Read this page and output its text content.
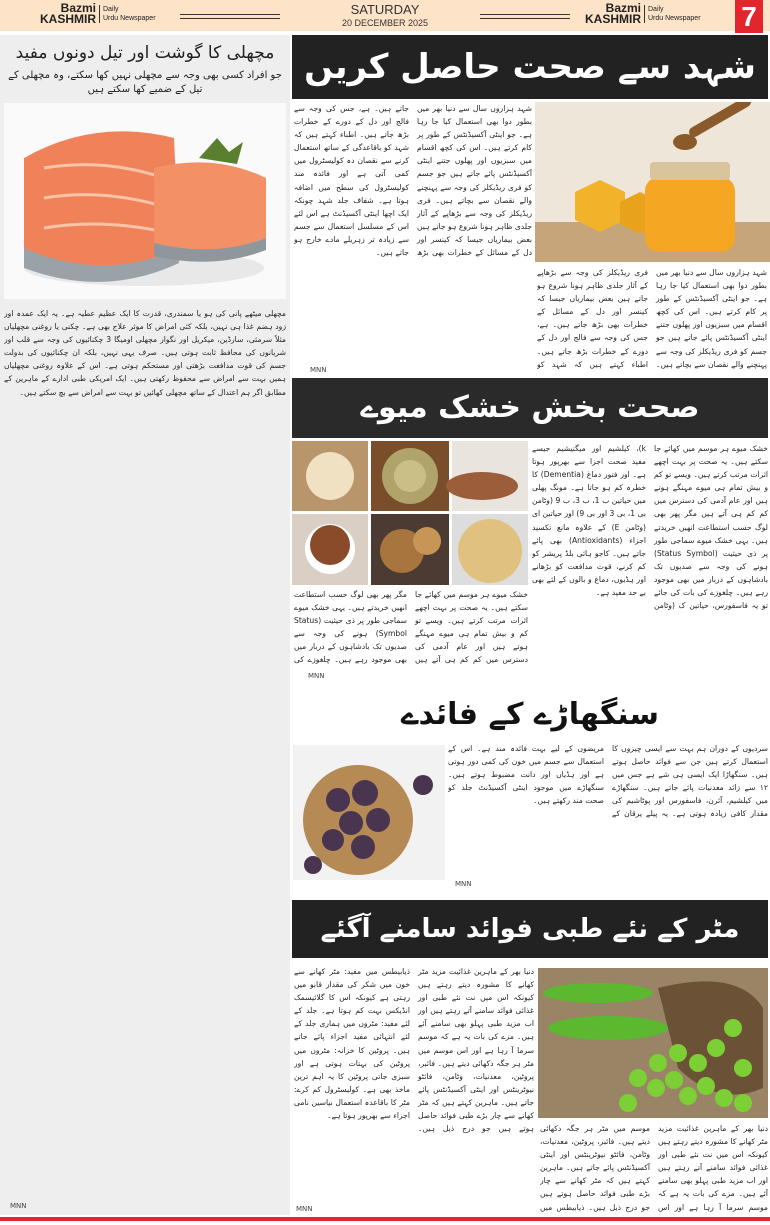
Bazmi
KASHMIR
Daily
Urdu Newspaper
SATURDAY
20 DECEMBER 2025
Bazmi
KASHMIR
Daily
Urdu Newspaper 7
مچھلی کا گوشت اور تیل دونوں مفید
جو افراد کسی بھی وجہ سے مچھلی نہیں کھا سکتے، وہ مچھلی کے تیل کے ضمیے کھا سکتے ہیں
مچھلی میٹھے پانی کی ہو یا سمندری، قدرت کا ایک عظیم عطیہ ہے۔ یہ ایک عمدہ اور زود ہضم غذا ہی نہیں، بلکہ کئی امراض کا موثر علاج بھی ہے۔ چکنی یا روغنی مچھلیاں مثلاً سرمئی، سارڈین، میکریل اور نگوار مچھلی اومیگا 3 چکنائیوں کی وجہ سے قلب اور شریانوں کی محافظ ثابت ہوتی ہیں۔ صرف یہی نہیں، بلکہ ان چکنائیوں کی بدولت جسم کی قوت مدافعت بڑھتی اور مستحکم ہوتی ہے۔ اس کے علاوہ روغنی مچھلیاں ہمیں بہت سے امراض سے محفوظ رکھتی ہیں۔ ایک امریکی طبی ادارے کے ماہرین کے مطابق اگر ہم اعتدال کے ساتھ مچھلی کھائیں تو بہت سے امراض سے بچ سکتے ہیں۔
MNN
شہد سے صحت حاصل کریں
شہد ہزاروں سال سے دنیا بھر میں بطور دوا بھی استعمال کیا جا رہا ہے۔ جو اینٹی آکسیڈنٹس کے طور پر کام کرتے ہیں۔ اس کی کچھ اقسام میں سبزیوں اور پھلوں جتنے اینٹی آکسیڈنٹس پائے جاتے ہیں جو جسم کو فری ریڈیکلز کی وجہ سے پہنچنے والے نقصان سے بچاتے ہیں۔ فری ریڈیکلز کی وجہ سے بڑھاپے کے آثار جلدی ظاہر ہونا شروع ہو جاتے ہیں بعض بیماریاں جیسا کہ کینسر اور دل کے مسائل کے خطرات بھی بڑھ جاتے ہیں۔ ہے، جس کی وجہ سے فالج اور دل کے دورے کے خطرات بڑھ جاتے ہیں۔ اطباء کہتے ہیں کہ شہد کو باقاعدگی کے ساتھ استعمال کرنے سے نقصان دہ کولیسٹرول میں کمی آتی ہے اور فائدہ مند کولیسٹرول کی سطح میں اضافہ ہوتا ہے۔ شفاف جلد شہد چونکہ ایک اچھا اینٹی آکسیڈنٹ ہے اس لئے اس کے مسلسل استعمال سے جسم سے زیادہ تر زہریلے مادے خارج ہو جاتے ہیں۔
شہد ہزاروں سال سے دنیا بھر میں بطور دوا بھی استعمال کیا جا رہا ہے۔ جو اینٹی آکسیڈنٹس کے طور پر کام کرتے ہیں۔ اس کی کچھ اقسام میں سبزیوں اور پھلوں جتنے اینٹی آکسیڈنٹس پائے جاتے ہیں جو جسم کو فری ریڈیکلز کی وجہ سے پہنچنے والے نقصان سے بچاتے ہیں۔ فری ریڈیکلز کی وجہ سے بڑھاپے کے آثار جلدی ظاہر ہونا شروع ہو جاتے ہیں بعض بیماریاں جیسا کہ کینسر اور دل کے مسائل کے خطرات بھی بڑھ جاتے ہیں۔ ہے، جس کی وجہ سے فالج اور دل کے دورے کے خطرات بڑھ جاتے ہیں۔ اطباء کہتے ہیں کہ شہد کو
MNN
صحت بخش خشک میوے
خشک میوے ہر موسم میں کھائے جا سکتے ہیں۔ یہ صحت پر بہت اچھے اثرات مرتب کرتے ہیں۔ ویسے تو کم و بیش تمام ہی میوے مہنگے ہوتے ہیں اور عام آدمی کی دسترس میں کم کم ہی آتے ہیں مگر پھر بھی لوگ حسب استطاعت انھیں خریدتے ہیں۔ یہی خشک میوے سماجی طور پر ذی حیثیت (Status Symbol) ہونے کی وجہ سے صدیوں تک بادشاہوں کے دربار میں بھی موجود رہے ہیں۔ چلغوزے کی
خشک میوے ہر موسم میں کھائے جا سکتے ہیں۔ یہ صحت پر بہت اچھے اثرات مرتب کرتے ہیں۔ ویسے تو کم و بیش تمام ہی میوے مہنگے ہوتے ہیں اور عام آدمی کی دسترس میں کم کم ہی آتے ہیں مگر پھر بھی لوگ حسب استطاعت انھیں خریدتے ہیں۔ یہی خشک میوے سماجی طور پر ذی حیثیت (Status Symbol) ہونے کی وجہ سے صدیوں تک بادشاہوں کے دربار میں بھی موجود رہے ہیں۔ چلغوزے کی بات کی جائے تو یہ فاسفورس، حیاتین ک (وٹامن k)، کیلشیم اور میگنیشیم جیسے مفید صحت اجزا سے بھرپور ہوتا ہے۔ اور فتور دماغ (Dementia) کا خطرہ کم ہو جاتا ہے۔ مونگ پھلی میں حیاتین ب 1، ب 3، ب 9 (وٹامن بی 1، بی 3 اور بی 9) اور حیاتین ای (وٹامن E) کے علاوہ مانع تکسید اجزاء (Antioxidants) بھی پائے جاتے ہیں۔ کاجو ہائی بلڈ پریشر کو کم کرنے، قوت مدافعت کو بڑھانے اور ہڈیوں، دماغ و بالوں کے لئے بھی بے حد مفید ہے۔
MNN
سنگھاڑے کے فائدے
سردیوں کے دوران ہم بہت سے ایسی چیزوں کا استعمال کرتے ہیں جن سے فوائد حاصل ہوتے ہیں۔ سنگھاڑا ایک ایسی ہی شے ہے جس میں ۱۲ سے زائد معدنیات پائے جاتے ہیں۔ سنگھاڑے میں کیلشیم، آئرن، فاسفورس اور پوٹاشیم کی مقدار کافی زیادہ ہوتی ہے۔ یہ پیلے یرقان کے مریضوں کے لیے بہت فائدہ مند ہے۔ اس کے استعمال سے جسم میں خون کی کمی دور ہوتی ہے اور ہڈیاں اور دانت مضبوط ہوتے ہیں۔ سنگھاڑے میں موجود اینٹی آکسیڈنٹ جلد کو صحت مند رکھتے ہیں۔
MNN
مٹر کے نئے طبی فوائد سامنے آگئے
دنیا بھر کے ماہرین غذائیت مزید مٹر کھانے کا مشورہ دیتے رہتے ہیں کیونکہ اس میں نت نئے طبی اور غذائی فوائد سامنے آتے رہتے ہیں اور اب مزید طبی پہلو بھی سامنے آئے ہیں۔ مزے کی بات یہ ہے کہ موسم سرما آ رہا ہے اور اس موسم میں مٹر ہر جگہ دکھائی دیتے ہیں۔ فائبر، پروٹین، معدنیات، وٹامن، فائٹو نیوٹرینٹس اور اینٹی آکسیڈنٹس پائے جاتے ہیں۔ ماہرین کہتے ہیں کہ مٹر کھانے سے چار بڑے طبی فوائد حاصل ہوتے ہیں جو درج ذیل ہیں۔ ذیابیطس میں مفید: مٹر کھانے سے خون میں شکر کی مقدار قابو میں رہتی ہے کیونکہ اس کا گلائیسمک انڈیکس بہت کم ہوتا ہے۔ جلد کے لئے مفید: مٹروں میں ہماری جلد کے لئے انتہائی مفید اجزاء پائے جاتے ہیں۔ پروٹین کا خزانہ: مٹروں میں پروٹین کی بہتات ہوتی ہے اور سبزی جاتی پروٹین کا یہ اہم ترین ماخذ بھی ہے۔ کولیسٹرول کم کرے: مٹر کا باقاعدہ استعمال نیاسین نامی اجزاء سے بھرپور ہوتا ہے۔
دنیا بھر کے ماہرین غذائیت مزید مٹر کھانے کا مشورہ دیتے رہتے ہیں کیونکہ اس میں نت نئے طبی اور غذائی فوائد سامنے آتے رہتے ہیں اور اب مزید طبی پہلو بھی سامنے آئے ہیں۔ مزے کی بات یہ ہے کہ موسم سرما آ رہا ہے اور اس موسم میں مٹر ہر جگہ دکھائی دیتے ہیں۔ فائبر، پروٹین، معدنیات، وٹامن، فائٹو نیوٹرینٹس اور اینٹی آکسیڈنٹس پائے جاتے ہیں۔ ماہرین کہتے ہیں کہ مٹر کھانے سے چار بڑے طبی فوائد حاصل ہوتے ہیں جو درج ذیل ہیں۔ ذیابیطس میں
MNN
